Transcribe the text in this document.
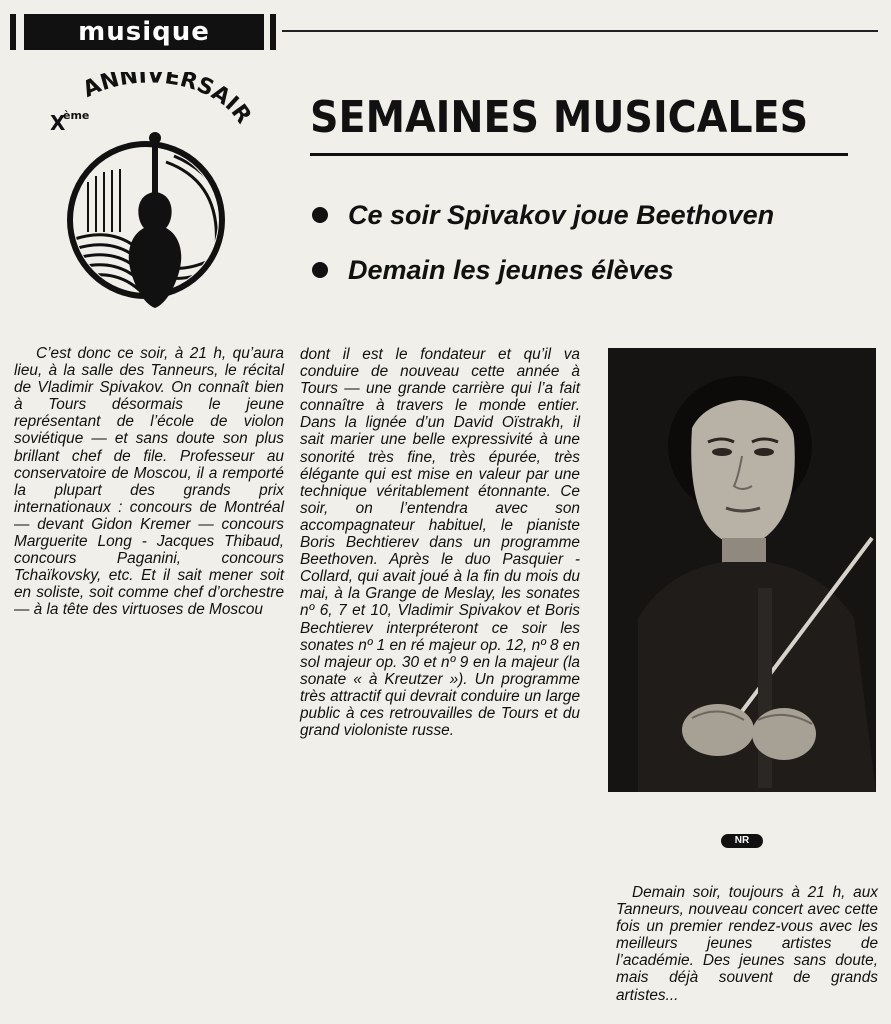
musique
ANNIVERSAIR
X
ème	SEMAINES MUSICALES
Ce soir Spivakov joue Beethoven
Demain les jeunes élèves

C’est donc ce soir, à 21 h, qu’aura lieu, à la salle des Tanneurs, le récital de Vladimir Spivakov. On connaît bien à Tours désormais le jeune représentant de l’école de violon soviétique — et sans doute son plus brillant chef de file. Professeur au conservatoire de Moscou, il a remporté la plupart des grands prix internationaux : concours de Montréal — devant Gidon Kremer — concours Marguerite Long - Jacques Thibaud, concours Paganini, concours Tchaïkovsky, etc. Et il sait mener soit en soliste, soit comme chef d’orchestre — à la tête des virtuoses de Moscou

dont il est le fondateur et qu’il va conduire de nouveau cette année à Tours — une grande carrière qui l’a fait connaître à travers le monde entier. Dans la lignée d’un David Oïstrakh, il sait marier une belle expressivité à une sonorité très fine, très épurée, très élégante qui est mise en valeur par une technique véritablement étonnante. Ce soir, on l’entendra avec son accompagnateur habituel, le pianiste Boris Bechtierev dans un programme Beethoven. Après le duo Pasquier - Collard, qui avait joué à la fin du mois du mai, à la Grange de Meslay, les sonates nº 6, 7 et 10, Vladimir Spivakov et Boris Bechtierev interpréteront ce soir les sonates nº 1 en ré majeur op. 12, nº 8 en sol majeur op. 30 et nº 9 en la majeur (la sonate « à Kreutzer »). Un programme très attractif qui devrait conduire un large public à ces retrouvailles de Tours et du grand violoniste russe.

NR

Demain soir, toujours à 21 h, aux Tanneurs, nouveau concert avec cette fois un premier rendez-vous avec les meilleurs jeunes artistes de l’académie. Des jeunes sans doute, mais déjà souvent de grands artistes...
